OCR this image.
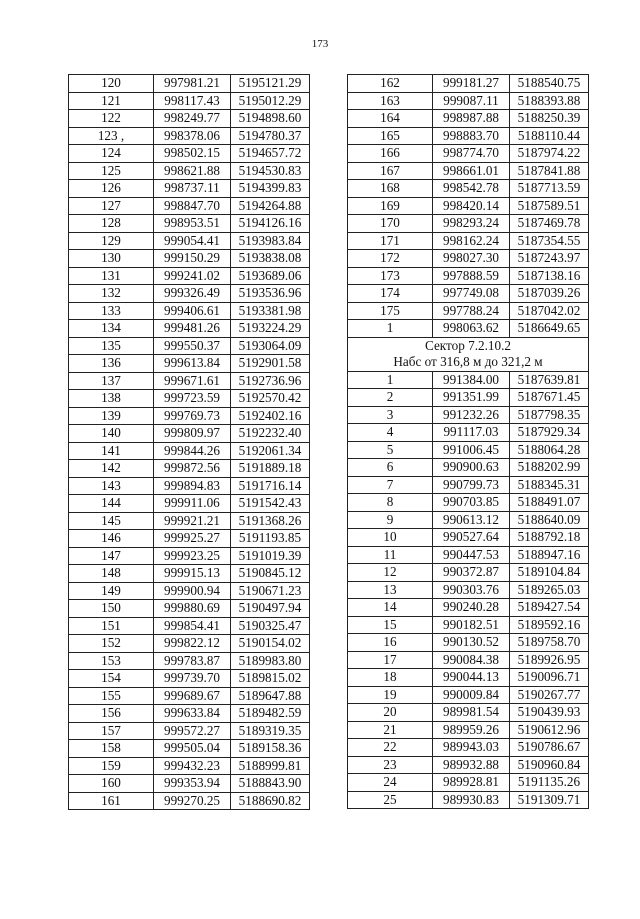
173
120	997981.21	5195121.29
121	998117.43	5195012.29
122	998249.77	5194898.60
123 ,	998378.06	5194780.37
124	998502.15	5194657.72
125	998621.88	5194530.83
126	998737.11	5194399.83
127	998847.70	5194264.88
128	998953.51	5194126.16
129	999054.41	5193983.84
130	999150.29	5193838.08
131	999241.02	5193689.06
132	999326.49	5193536.96
133	999406.61	5193381.98
134	999481.26	5193224.29
135	999550.37	5193064.09
136	999613.84	5192901.58
137	999671.61	5192736.96
138	999723.59	5192570.42
139	999769.73	5192402.16
140	999809.97	5192232.40
141	999844.26	5192061.34
142	999872.56	5191889.18
143	999894.83	5191716.14
144	999911.06	5191542.43
145	999921.21	5191368.26
146	999925.27	5191193.85
147	999923.25	5191019.39
148	999915.13	5190845.12
149	999900.94	5190671.23
150	999880.69	5190497.94
151	999854.41	5190325.47
152	999822.12	5190154.02
153	999783.87	5189983.80
154	999739.70	5189815.02
155	999689.67	5189647.88
156	999633.84	5189482.59
157	999572.27	5189319.35
158	999505.04	5189158.36
159	999432.23	5188999.81
160	999353.94	5188843.90
161	999270.25	5188690.82
162	999181.27	5188540.75
163	999087.11	5188393.88
164	998987.88	5188250.39
165	998883.70	5188110.44
166	998774.70	5187974.22
167	998661.01	5187841.88
168	998542.78	5187713.59
169	998420.14	5187589.51
170	998293.24	5187469.78
171	998162.24	5187354.55
172	998027.30	5187243.97
173	997888.59	5187138.16
174	997749.08	5187039.26
175	997788.24	5187042.02
1	998063.62	5186649.65
Сектор 7.2.10.2		
Набс от 316,8 м до 321,2 м		
1	991384.00	5187639.81
2	991351.99	5187671.45
3	991232.26	5187798.35
4	991117.03	5187929.34
5	991006.45	5188064.28
6	990900.63	5188202.99
7	990799.73	5188345.31
8	990703.85	5188491.07
9	990613.12	5188640.09
10	990527.64	5188792.18
11	990447.53	5188947.16
12	990372.87	5189104.84
13	990303.76	5189265.03
14	990240.28	5189427.54
15	990182.51	5189592.16
16	990130.52	5189758.70
17	990084.38	5189926.95
18	990044.13	5190096.71
19	990009.84	5190267.77
20	989981.54	5190439.93
21	989959.26	5190612.96
22	989943.03	5190786.67
23	989932.88	5190960.84
24	989928.81	5191135.26
25	989930.83	5191309.71
